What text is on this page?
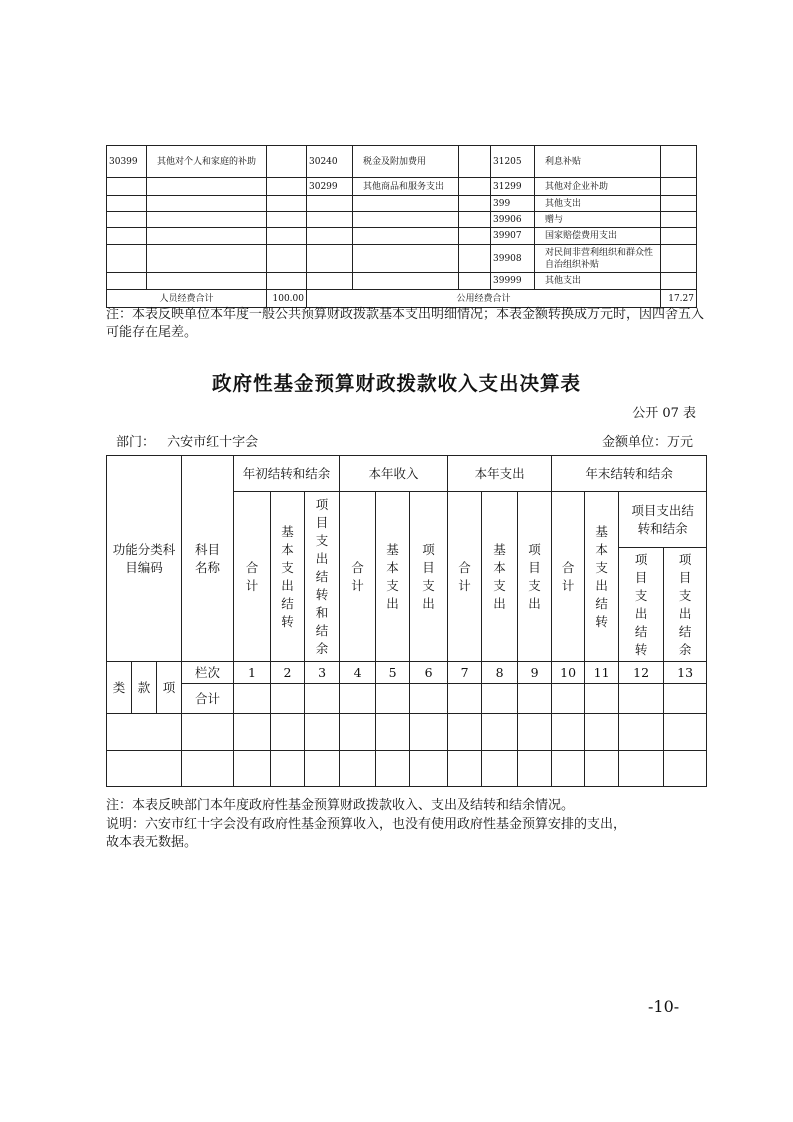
30399	其他对个人和家庭的补助		30240	税金及附加费用		31205	利息补贴	
			30299	其他商品和服务支出		31299	其他对企业补助	
						399	其他支出	
						39906	赠与	
						39907	国家赔偿费用支出	
						39908	对民间非营利组织和群众性自治组织补贴	
						39999	其他支出	
人员经费合计		100.00	公用经费合计					17.27
注：本表反映单位本年度一般公共预算财政拨款基本支出明细情况；本表金额转换成万元时，因四舍五入
可能存在尾差。
政府性基金预算财政拨款收入支出决算表
公开 07 表
部门： 六安市红十字会	金额单位：万元
功能分类科目编码			科目名称	年初结转和结余			本年收入			本年支出			年末结转和结余			
				合计	基本支出结转	项目支出结转和结余	合计	基本支出	项目支出	合计	基本支出	项目支出	合计	基本支出结转	项目支出结转和结余	
															项目支出结转	项目支出结余
类	款	项	栏次	1	2	3	4	5	6	7	8	9	10	11	12	13
			合计													

注：本表反映部门本年度政府性基金预算财政拨款收入、支出及结转和结余情况。
说明：六安市红十字会没有政府性基金预算收入，也没有使用政府性基金预算安排的支出，
故本表无数据。
-10-
